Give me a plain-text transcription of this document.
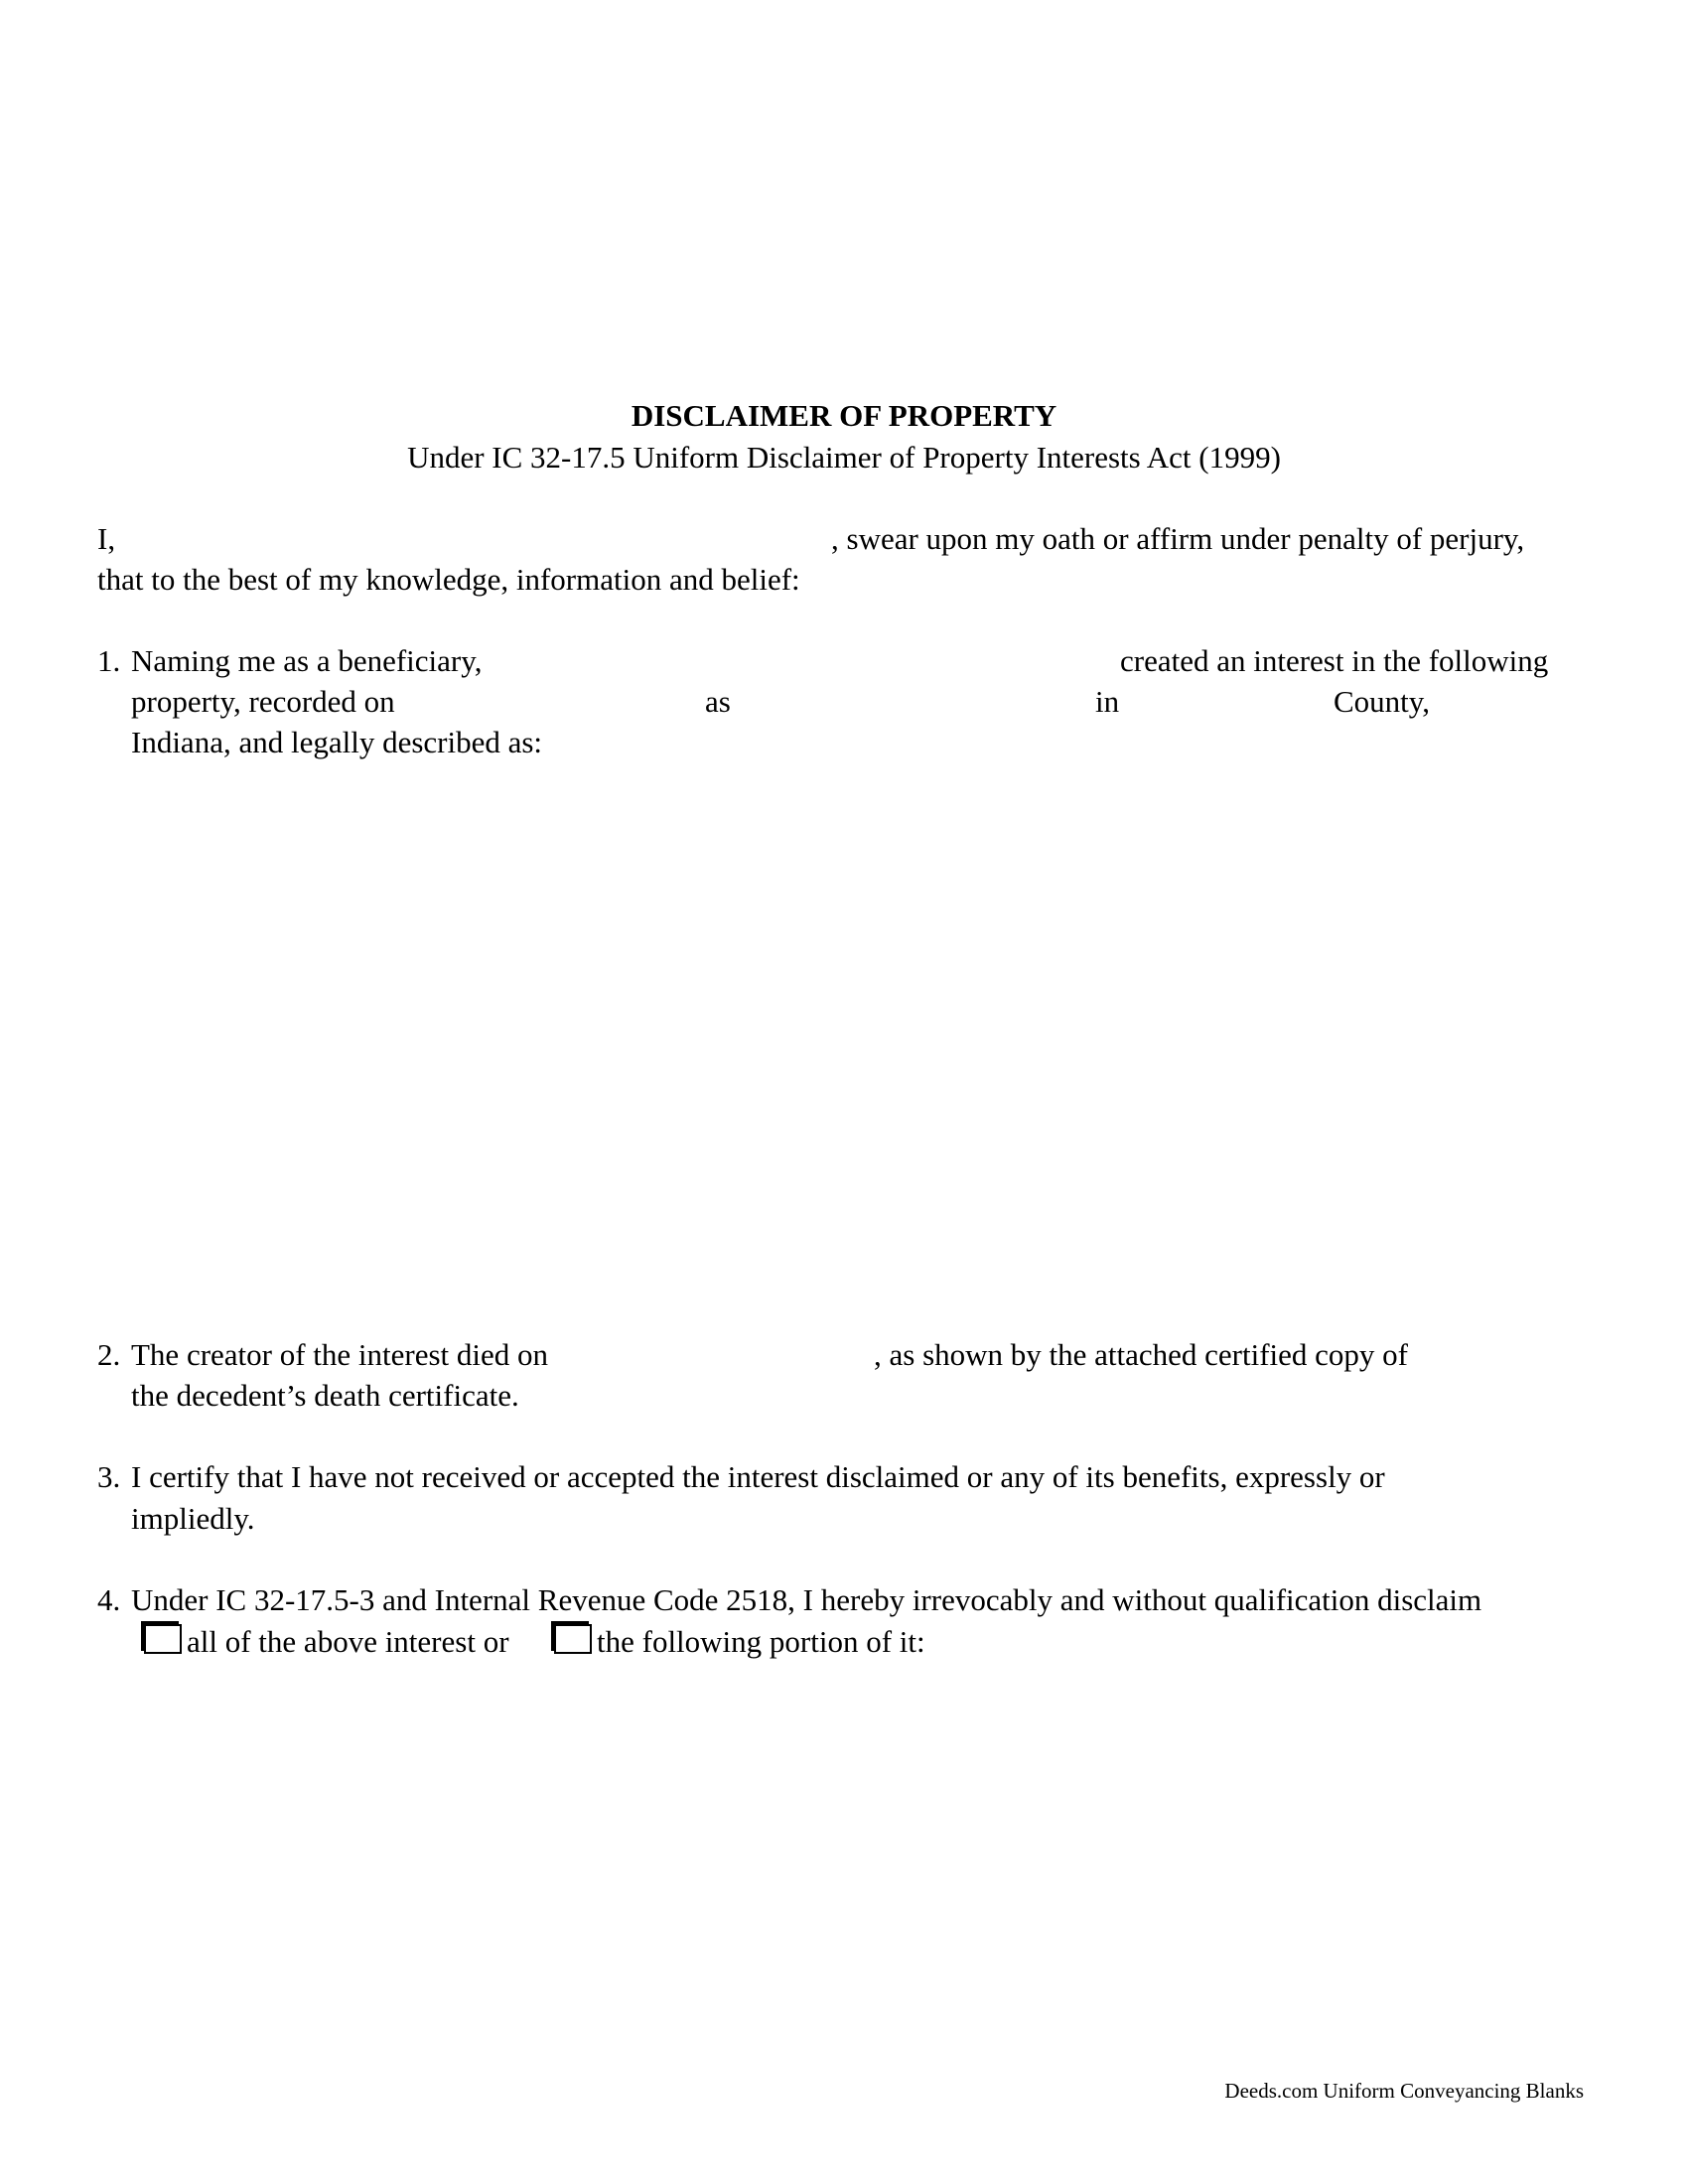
DISCLAIMER OF PROPERTY
Under IC 32-17.5 Uniform Disclaimer of Property Interests Act (1999)
I,	, swear upon my oath or affirm under penalty of perjury,
that to the best of my knowledge, information and belief:
1. Naming me as a beneficiary,	created an interest in the following
property, recorded on	as	in	County,
Indiana, and legally described as:
2. The creator of the interest died on	, as shown by the attached certified copy of
the decedent’s death certificate.
3. I certify that I have not received or accepted the interest disclaimed or any of its benefits, expressly or
impliedly.
4. Under IC 32-17.5-3 and Internal Revenue Code 2518, I hereby irrevocably and without qualification disclaim
all of the above interest or	the following portion of it:
Deeds.com Uniform Conveyancing Blanks
